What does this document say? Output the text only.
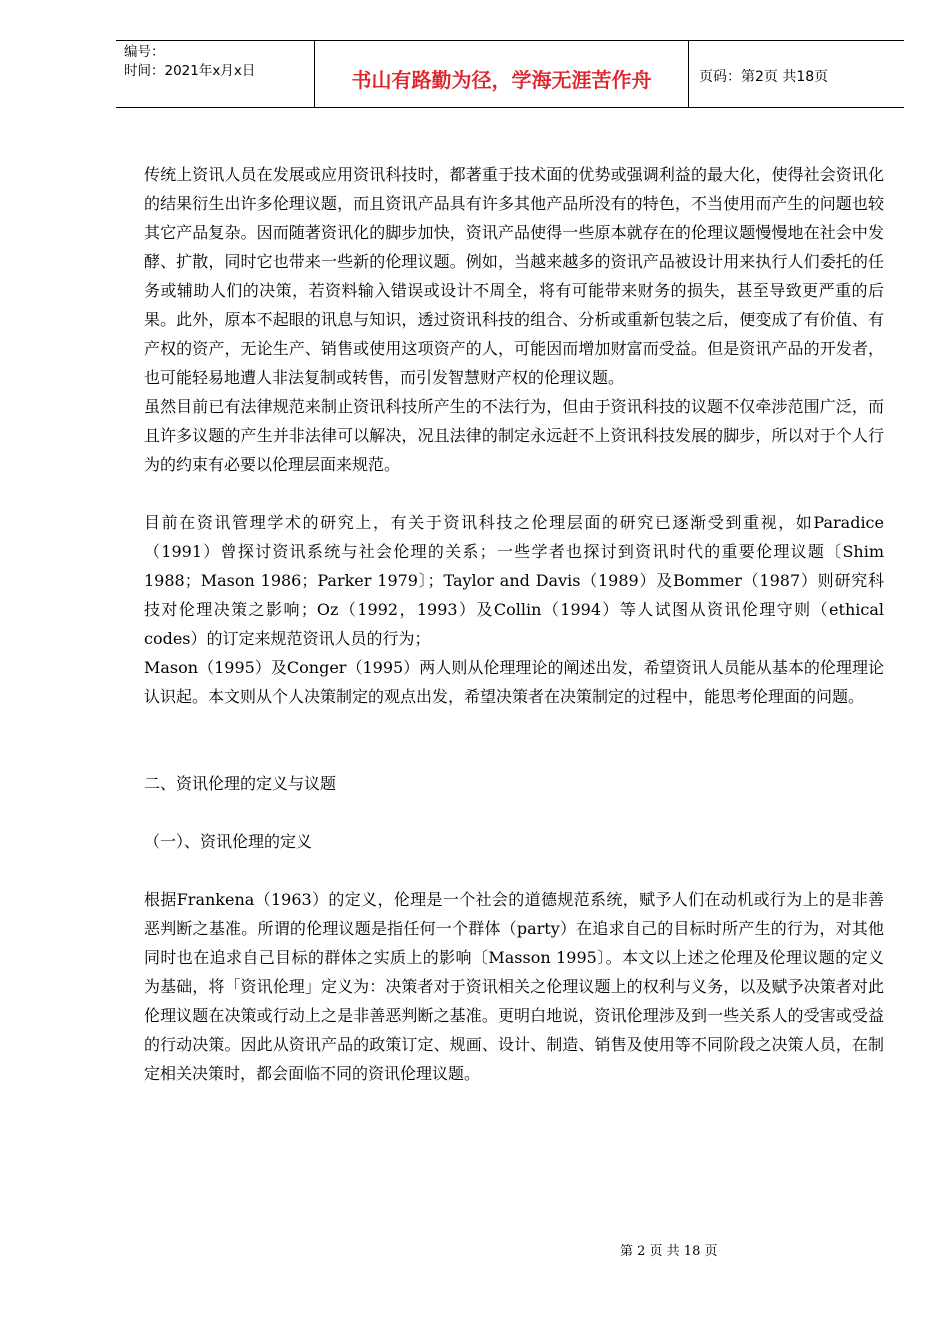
编号：
时间：2021年x月x日	书山有路勤为径，学海无涯苦作舟	页码：第2页 共18页

传统上资讯人员在发展或应用资讯科技时，都著重于技术面的优势或强调利益的最大化，使得社会资讯化的结果衍生出许多伦理议题，而且资讯产品具有许多其他产品所没有的特色，不当使用而产生的问题也较其它产品复杂。因而随著资讯化的脚步加快，资讯产品使得一些原本就存在的伦理议题慢慢地在社会中发酵、扩散，同时它也带来一些新的伦理议题。例如，当越来越多的资讯产品被设计用来执行人们委托的任务或辅助人们的决策，若资料输入错误或设计不周全，将有可能带来财务的损失，甚至导致更严重的后果。此外，原本不起眼的讯息与知识，透过资讯科技的组合、分析或重新包装之后，便变成了有价值、有产权的资产，无论生产、销售或使用这项资产的人，可能因而增加财富而受益。但是资讯产品的开发者，也可能轻易地遭人非法复制或转售，而引发智慧财产权的伦理议题。

虽然目前已有法律规范来制止资讯科技所产生的不法行为，但由于资讯科技的议题不仅牵涉范围广泛，而且许多议题的产生并非法律可以解决，况且法律的制定永远赶不上资讯科技发展的脚步，所以对于个人行为的约束有必要以伦理层面来规范。

目前在资讯管理学术的研究上，有关于资讯科技之伦理层面的研究已逐渐受到重视，如Paradice（1991）曾探讨资讯系统与社会伦理的关系；一些学者也探讨到资讯时代的重要伦理议题〔Shim 1988；Mason 1986；Parker 1979〕；Taylor and Davis（1989）及Bommer（1987）则研究科技对伦理决策之影响；Oz（1992，1993）及Collin（1994）等人试图从资讯伦理守则（ethical codes）的订定来规范资讯人员的行为；

Mason（1995）及Conger（1995）两人则从伦理理论的阐述出发，希望资讯人员能从基本的伦理理论认识起。本文则从个人决策制定的观点出发，希望决策者在决策制定的过程中，能思考伦理面的问题。

二、资讯伦理的定义与议题

（一）、资讯伦理的定义

根据Frankena（1963）的定义，伦理是一个社会的道德规范系统，赋予人们在动机或行为上的是非善恶判断之基准。所谓的伦理议题是指任何一个群体（party）在追求自己的目标时所产生的行为，对其他同时也在追求自己目标的群体之实质上的影响〔Masson 1995〕。本文以上述之伦理及伦理议题的定义为基础，将「资讯伦理」定义为：决策者对于资讯相关之伦理议题上的权利与义务，以及赋予决策者对此伦理议题在决策或行动上之是非善恶判断之基准。更明白地说，资讯伦理涉及到一些关系人的受害或受益的行动决策。因此从资讯产品的政策订定、规画、设计、制造、销售及使用等不同阶段之决策人员，在制定相关决策时，都会面临不同的资讯伦理议题。

第 2 页 共 18 页
